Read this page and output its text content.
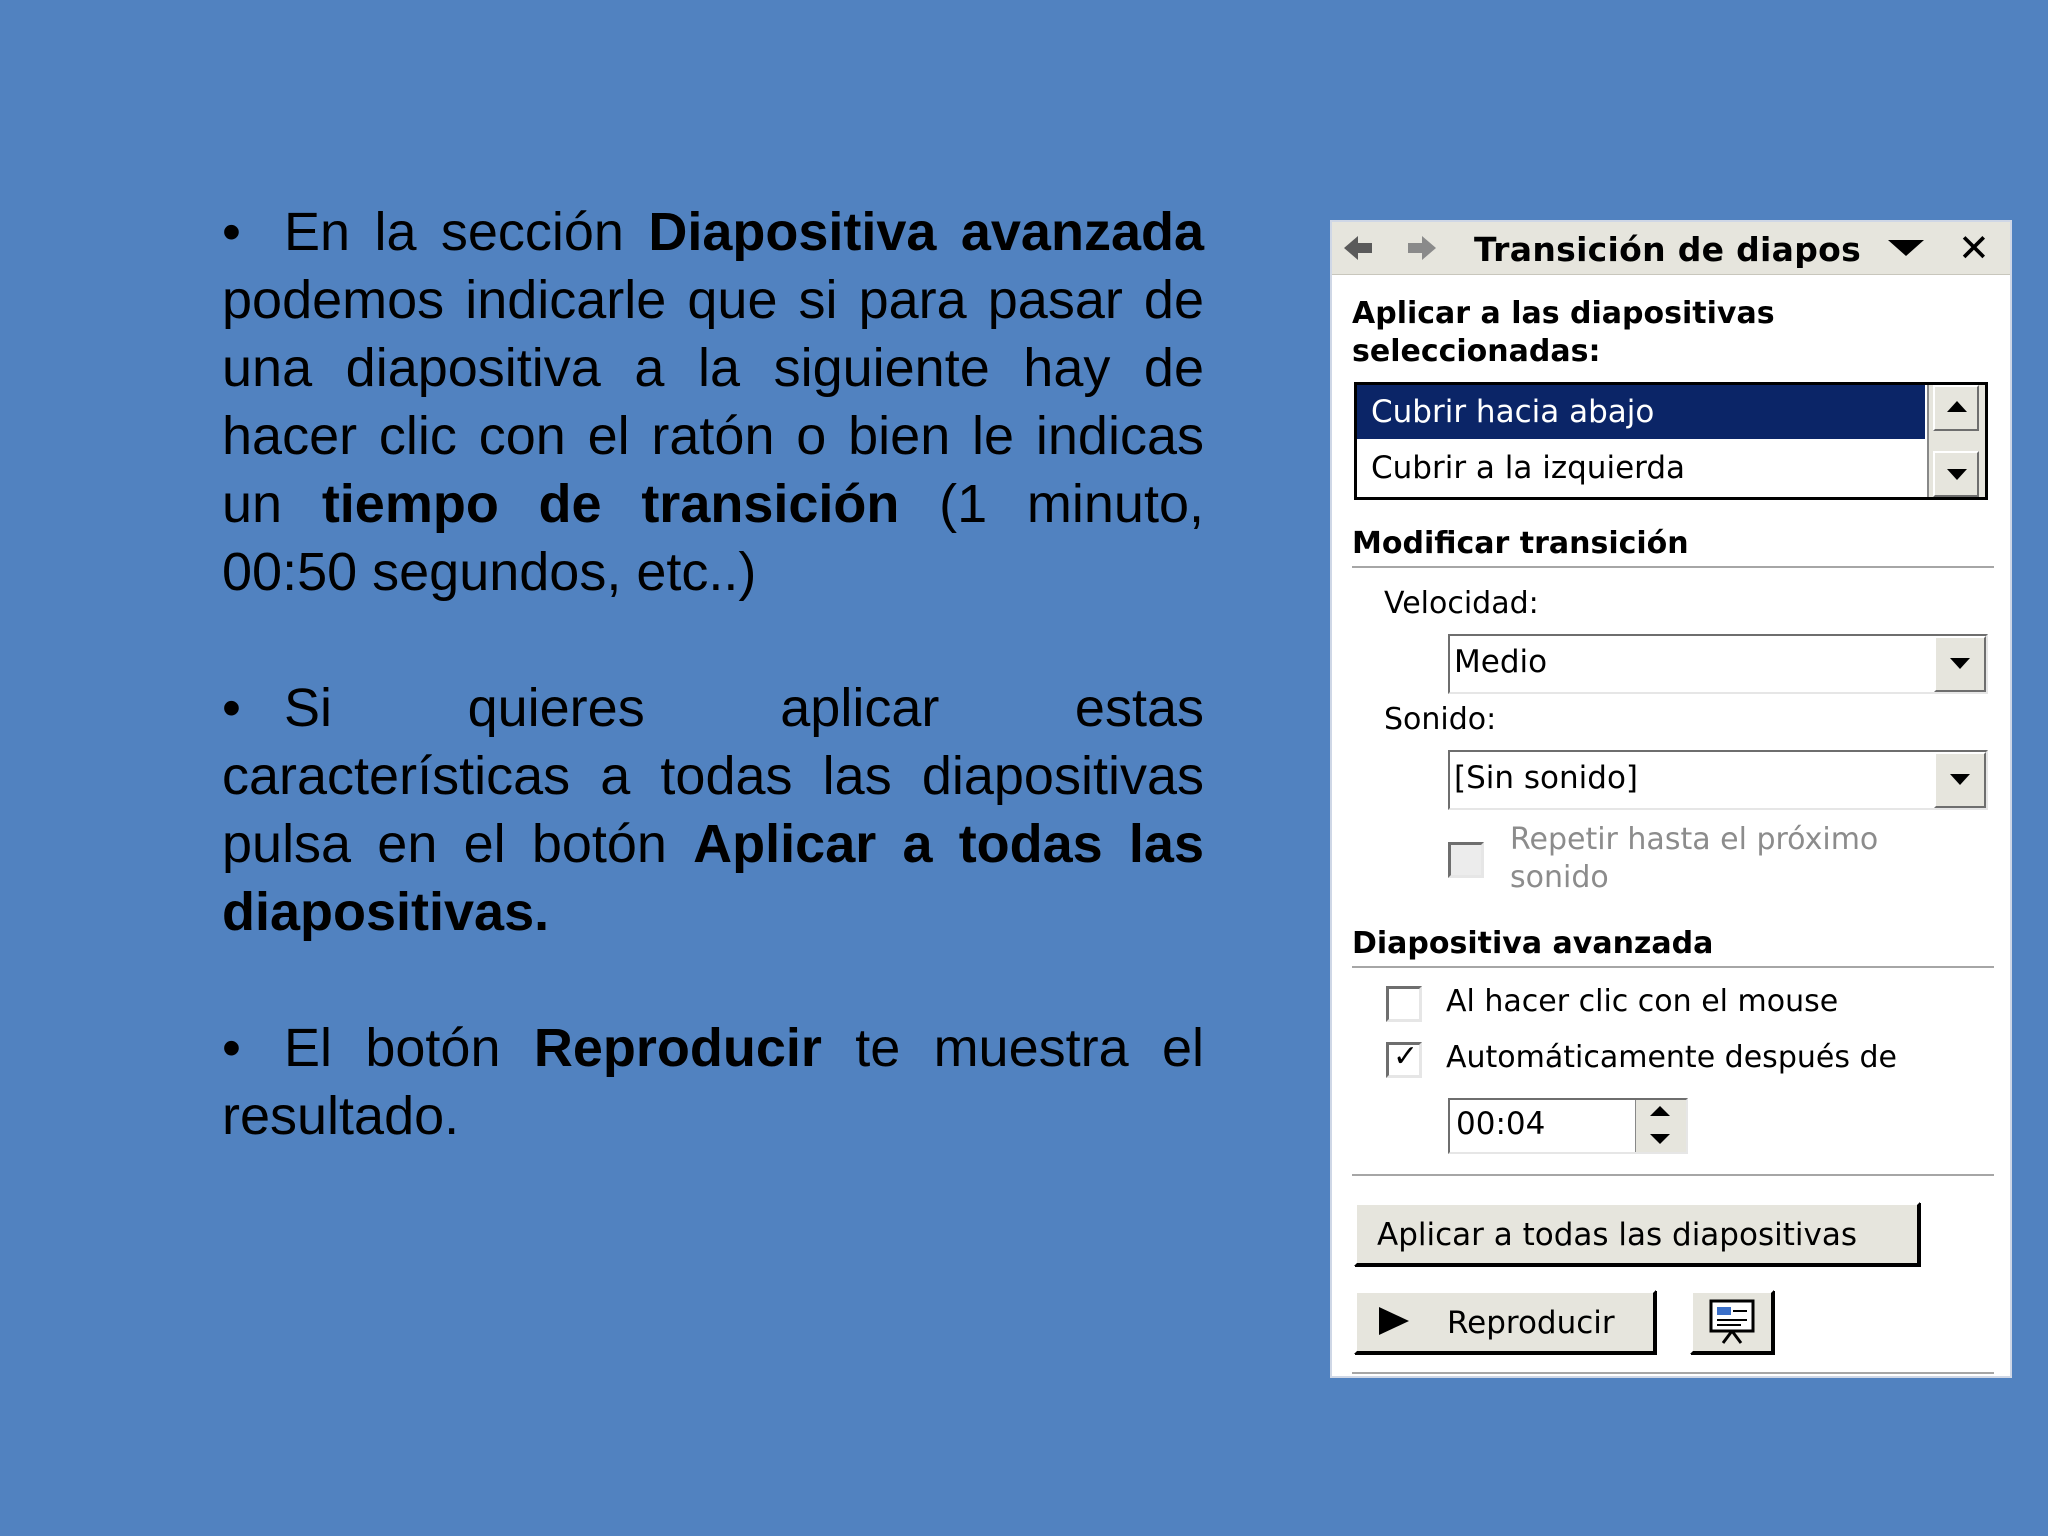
• En la sección Diapositiva avanzada podemos indicarle que si para pasar de una diapositiva a la siguiente hay de hacer clic con el ratón o bien le indicas un tiempo de transición (1 minuto, 00:50 segundos, etc..)

• Si quieres aplicar estas características a todas las diapositivas pulsa en el botón Aplicar a todas las diapositivas.

• El botón Reproducir te muestra el resultado.

Transición de diapos	✕
Aplicar a las diapositivas
seleccionadas:
Cubrir hacia abajo
Cubrir a la izquierda
Modificar transición
Velocidad:
Medio
Sonido:
[Sin sonido]
Repetir hasta el próximo
sonido
Diapositiva avanzada
Al hacer clic con el mouse
✓ Automáticamente después de
00:04
Aplicar a todas las diapositivas
Reproducir
